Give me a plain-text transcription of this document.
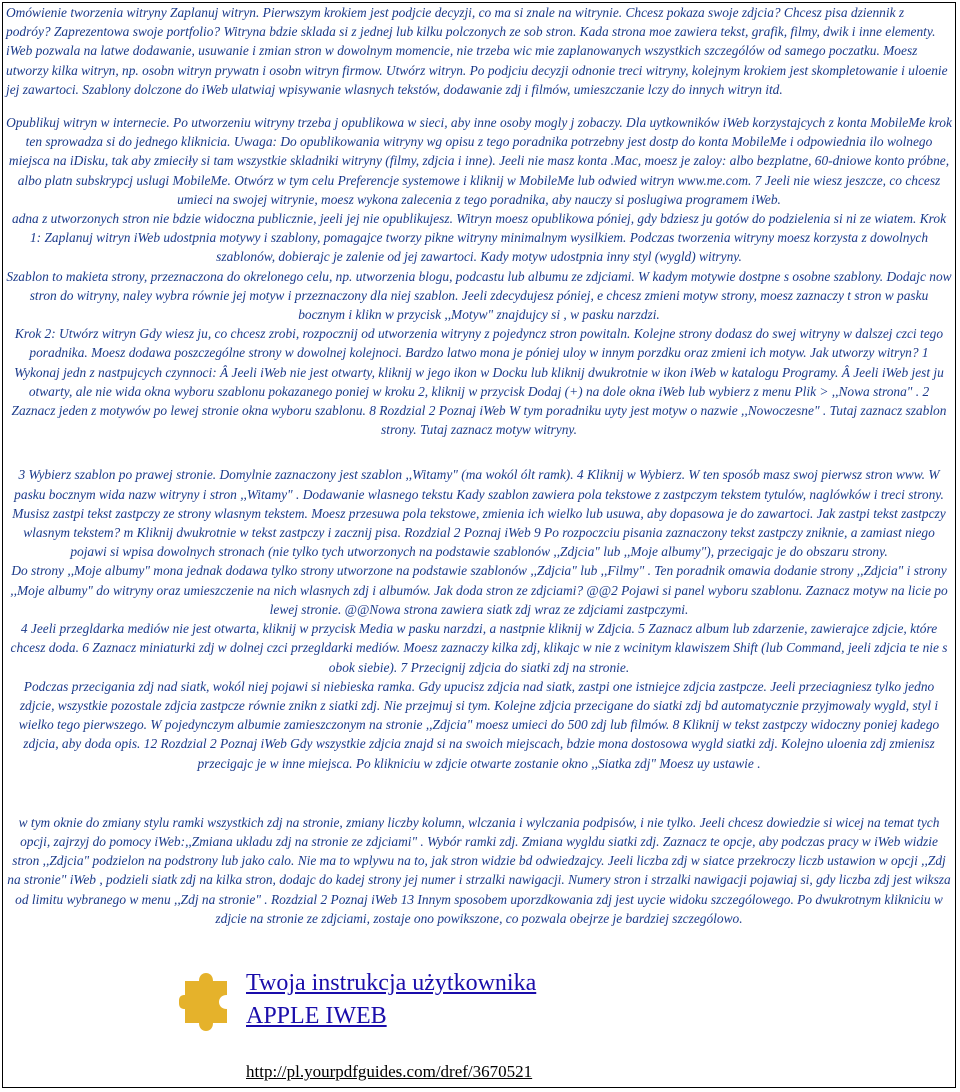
Omówienie tworzenia witryny Zaplanuj witryn. Pierwszym krokiem jest podjcie decyzji, co ma si znale na witrynie. Chcesz pokaza swoje zdjcia? Chcesz pisa dziennik z podróy? Zaprezentowa swoje portfolio? Witryna bdzie sklada si z jednej lub kilku polczonych ze sob stron. Kada strona moe zawiera tekst, grafik, filmy, dwik i inne elementy. iWeb pozwala na latwe dodawanie, usuwanie i zmian stron w dowolnym momencie, nie trzeba wic mie zaplanowanych wszystkich szczególów od samego poczatku. Moesz utworzy kilka witryn, np. osobn witryn prywatn i osobn witryn firmow. Utwórz witryn. Po podjciu decyzji odnonie treci witryny, kolejnym krokiem jest skompletowanie i uloenie jej zawartoci. Szablony dolczone do iWeb ulatwiaj wpisywanie wlasnych tekstów, dodawanie zdj i filmów, umieszczanie lczy do innych witryn itd.

Opublikuj witryn w internecie. Po utworzeniu witryny trzeba j opublikowa w sieci, aby inne osoby mogly j zobaczy. Dla uytkowników iWeb korzystajcych z konta MobileMe krok ten sprowadza si do jednego kliknicia. Uwaga: Do opublikowania witryny wg opisu z tego poradnika potrzebny jest dostp do konta MobileMe i odpowiednia ilo wolnego miejsca na iDisku, tak aby zmieciły si tam wszystkie skladniki witryny (filmy, zdjcia i inne). Jeeli nie masz konta .Mac, moesz je zaloy: albo bezplatne, 60-dniowe konto próbne, albo platn subskrypcj uslugi MobileMe. Otwórz w tym celu Preferencje systemowe i kliknij w MobileMe lub odwied witryn www.me.com. 7 Jeeli nie wiesz jeszcze, co chcesz umieci na swojej witrynie, moesz wykona zalecenia z tego poradnika, aby nauczy si poslugiwa programem iWeb.

adna z utworzonych stron nie bdzie widoczna publicznie, jeeli jej nie opublikujesz. Witryn moesz opublikowa póniej, gdy bdziesz ju gotów do podzielenia si ni ze wiatem. Krok 1: Zaplanuj witryn iWeb udostpnia motywy i szablony, pomagajce tworzy pikne witryny minimalnym wysilkiem. Podczas tworzenia witryny moesz korzysta z dowolnych szablonów, dobierajc je zalenie od jej zawartoci. Kady motyw udostpnia inny styl (wygld) witryny.

Szablon to makieta strony, przeznaczona do okrelonego celu, np. utworzenia blogu, podcastu lub albumu ze zdjciami. W kadym motywie dostpne s osobne szablony. Dodajc now stron do witryny, naley wybra równie jej motyw i przeznaczony dla niej szablon. Jeeli zdecydujesz póniej, e chcesz zmieni motyw strony, moesz zaznaczy t stron w pasku bocznym i klikn w przycisk ,,Motyw" znajdujcy si , w pasku narzdzi.

Krok 2: Utwórz witryn Gdy wiesz ju, co chcesz zrobi, rozpocznij od utworzenia witryny z pojedyncz stron powitaln. Kolejne strony dodasz do swej witryny w dalszej czci tego poradnika. Moesz dodawa poszczególne strony w dowolnej kolejnoci. Bardzo latwo mona je póniej uloy w innym porzdku oraz zmieni ich motyw. Jak utworzy witryn? 1 Wykonaj jedn z nastpujcych czynnoci: Â Jeeli iWeb nie jest otwarty, kliknij w jego ikon w Docku lub kliknij dwukrotnie w ikon iWeb w katalogu Programy. Â Jeeli iWeb jest ju otwarty, ale nie wida okna wyboru szablonu pokazanego poniej w kroku 2, kliknij w przycisk Dodaj (+) na dole okna iWeb lub wybierz z menu Plik > ,,Nowa strona" . 2 Zaznacz jeden z motywów po lewej stronie okna wyboru szablonu. 8 Rozdzial 2 Poznaj iWeb W tym poradniku uyty jest motyw o nazwie ,,Nowoczesne" . Tutaj zaznacz szablon strony. Tutaj zaznacz motyw witryny.

3 Wybierz szablon po prawej stronie. Domylnie zaznaczony jest szablon ,,Witamy" (ma wokól ólt ramk). 4 Kliknij w Wybierz. W ten sposób masz swoj pierwsz stron www. W pasku bocznym wida nazw witryny i stron ,,Witamy" . Dodawanie wlasnego tekstu Kady szablon zawiera pola tekstowe z zastpczym tekstem tytulów, naglówków i treci strony. Musisz zastpi tekst zastpczy ze strony wlasnym tekstem. Moesz przesuwa pola tekstowe, zmienia ich wielko lub usuwa, aby dopasowa je do zawartoci. Jak zastpi tekst zastpczy wlasnym tekstem? m Kliknij dwukrotnie w tekst zastpczy i zacznij pisa. Rozdzial 2 Poznaj iWeb 9 Po rozpoczciu pisania zaznaczony tekst zastpczy zniknie, a zamiast niego pojawi si wpisa dowolnych stronach (nie tylko tych utworzonych na podstawie szablonów ,,Zdjcia" lub ,,Moje albumy"), przecigajc je do obszaru strony.

Do strony ,,Moje albumy" mona jednak dodawa tylko strony utworzone na podstawie szablonów ,,Zdjcia" lub ,,Filmy" . Ten poradnik omawia dodanie strony ,,Zdjcia" i strony ,,Moje albumy" do witryny oraz umieszczenie na nich wlasnych zdj i albumów. Jak doda stron ze zdjciami? @@2 Pojawi si panel wyboru szablonu. Zaznacz motyw na licie po lewej stronie. @@Nowa strona zawiera siatk zdj wraz ze zdjciami zastpczymi.

4 Jeeli przegldarka mediów nie jest otwarta, kliknij w przycisk Media w pasku narzdzi, a nastpnie kliknij w Zdjcia. 5 Zaznacz album lub zdarzenie, zawierajce zdjcie, które chcesz doda. 6 Zaznacz miniaturki zdj w dolnej czci przegldarki mediów. Moesz zaznaczy kilka zdj, klikajc w nie z wcinitym klawiszem Shift (lub Command, jeeli zdjcia te nie s obok siebie). 7 Przecignij zdjcia do siatki zdj na stronie.

Podczas przecigania zdj nad siatk, wokól niej pojawi si niebieska ramka. Gdy upucisz zdjcia nad siatk, zastpi one istniejce zdjcia zastpcze. Jeeli przeciagniesz tylko jedno zdjcie, wszystkie pozostale zdjcia zastpcze równie znikn z siatki zdj. Nie przejmuj si tym. Kolejne zdjcia przecigane do siatki zdj bd automatycznie przyjmowaly wygld, styl i wielko tego pierwszego. W pojedynczym albumie zamieszczonym na stronie ,,Zdjcia" moesz umieci do 500 zdj lub filmów. 8 Kliknij w tekst zastpczy widoczny poniej kadego zdjcia, aby doda opis. 12 Rozdzial 2 Poznaj iWeb Gdy wszystkie zdjcia znajd si na swoich miejscach, bdzie mona dostosowa wygld siatki zdj. Kolejno uloenia zdj zmienisz przecigajc je w inne miejsca. Po klikniciu w zdjcie otwarte zostanie okno ,,Siatka zdj" Moesz uy ustawie .

w tym oknie do zmiany stylu ramki wszystkich zdj na stronie, zmiany liczby kolumn, wlczania i wylczania podpisów, i nie tylko. Jeeli chcesz dowiedzie si wicej na temat tych opcji, zajrzyj do pomocy iWeb:,,Zmiana ukladu zdj na stronie ze zdjciami" . Wybór ramki zdj. Zmiana wygldu siatki zdj. Zaznacz te opcje, aby podczas pracy w iWeb widzie stron ,,Zdjcia" podzielon na podstrony lub jako calo. Nie ma to wplywu na to, jak stron widzie bd odwiedzajcy. Jeeli liczba zdj w siatce przekroczy liczb ustawion w opcji ,,Zdj na stronie" iWeb , podzieli siatk zdj na kilka stron, dodajc do kadej strony jej numer i strzalki nawigacji. Numery stron i strzalki nawigacji pojawiaj si, gdy liczba zdj jest wiksza od limitu wybranego w menu ,,Zdj na stronie" . Rozdzial 2 Poznaj iWeb 13 Innym sposobem uporzdkowania zdj jest uycie widoku szczególowego. Po dwukrotnym klikniciu w zdjcie na stronie ze zdjciami, zostaje ono powikszone, co pozwala obejrze je bardziej szczególowo.

Twoja instrukcja użytkownika
APPLE IWEB
http://pl.yourpdfguides.com/dref/3670521
